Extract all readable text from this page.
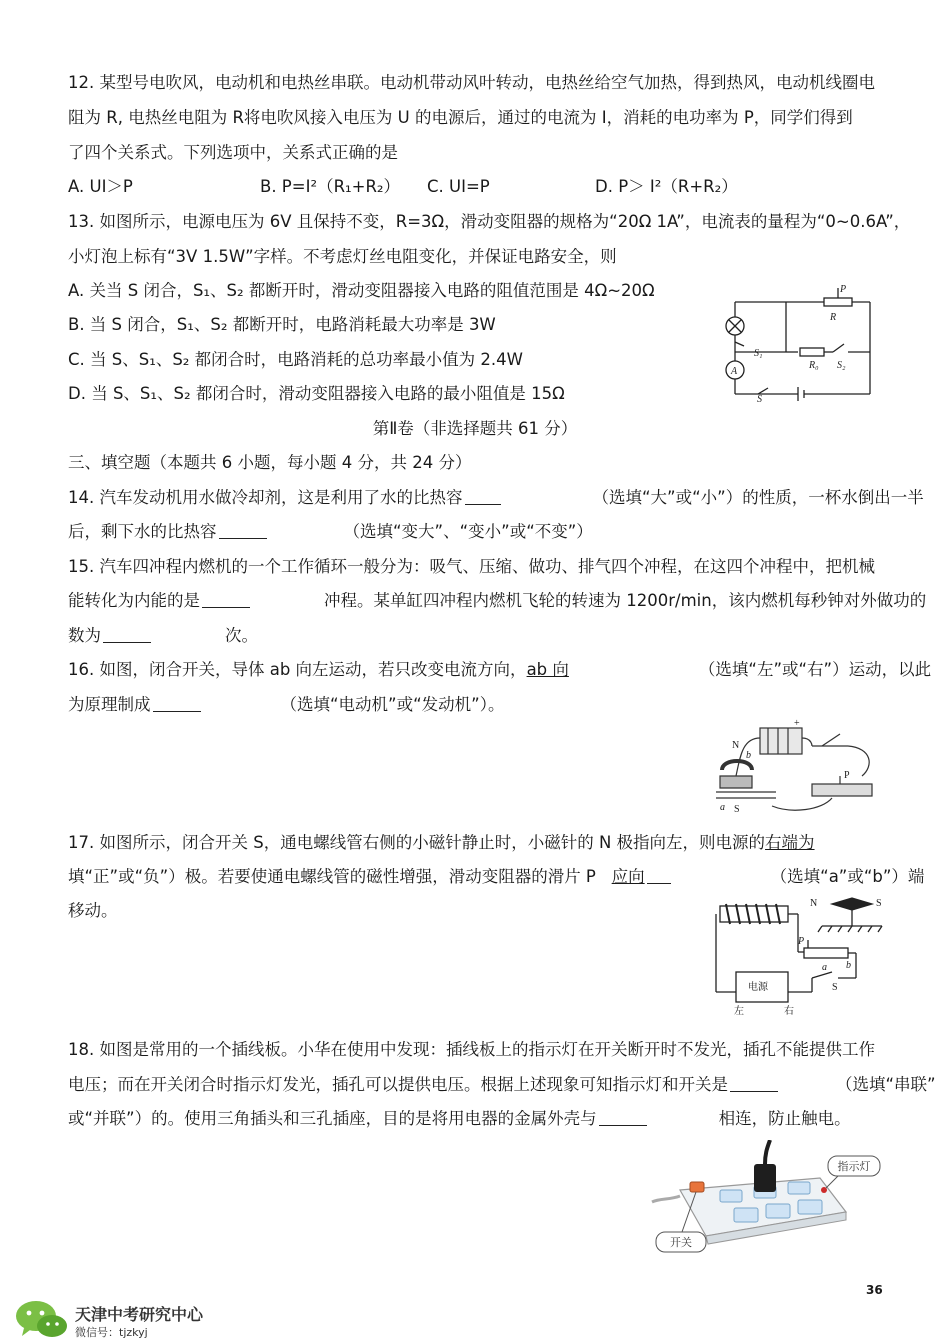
12. 某型号电吹风，电动机和电热丝串联。电动机带动风叶转动，电热丝给空气加热，得到热风，电动机线圈电
阻为 R, 电热丝电阻为 R将电吹风接入电压为 U 的电源后，通过的电流为 I，消耗的电功率为 P，同学们得到
了四个关系式。下列选项中，关系式正确的是
A. UI＞P	B. P=I²（R₁+R₂） C. UI=P	D. P＞ I²（R+R₂）
13. 如图所示，电源电压为 6V 且保持不变，R=3Ω，滑动变阻器的规格为“20Ω 1A”，电流表的量程为“0~0.6A”，
小灯泡上标有“3V 1.5W”字样。不考虑灯丝电阻变化，并保证电路安全，则
A. 关当 S 闭合，S₁、S₂ 都断开时，滑动变阻器接入电路的阻值范围是 4Ω~20Ω
B. 当 S 闭合，S₁、S₂ 都断开时，电路消耗最大功率是 3W
C. 当 S、S₁、S₂ 都闭合时，电路消耗的总功率最小值为 2.4W
D. 当 S、S₁、S₂ 都闭合时，滑动变阻器接入电路的最小阻值是 15Ω
P
R
S₁
R₀ S₂
A
S
第Ⅱ卷（非选择题共 61 分）
三、填空题（本题共 6 小题，每小题 4 分，共 24 分）
14. 汽车发动机用水做冷却剂，这是利用了水的比热容	（选填“大”或“小”）的性质，一杯水倒出一半
后，剩下水的比热容	（选填“变大”、“变小”或“不变”）
15. 汽车四冲程内燃机的一个工作循环一般分为：吸气、压缩、做功、排气四个冲程，在这四个冲程中，把机械
能转化为内能的是	冲程。某单缸四冲程内燃机飞轮的转速为 1200r/min，该内燃机每秒钟对外做功的
数为	次。
16. 如图，闭合开关，导体 ab 向左运动，若只改变电流方向，ab 向	（选填“左”或“右”）运动，以此
为原理制成	（选填“电动机”或“发动机”）。
+
N
b
P
a S
17. 如图所示，闭合开关 S，通电螺线管右侧的小磁针静止时，小磁针的 N 极指向左，则电源的右端为
填“正”或“负”）极。若要使通电螺线管的磁性增强，滑动变阻器的滑片 P 应向	（选填“a”或“b”）端
移动。	N	S
P
a b
S
电源
左	右
18. 如图是常用的一个插线板。小华在使用中发现：插线板上的指示灯在开关断开时不发光，插孔不能提供工作
电压；而在开关闭合时指示灯发光，插孔可以提供电压。根据上述现象可知指示灯和开关是	（选填“串联”
或“并联”）的。使用三角插头和三孔插座，目的是将用电器的金属外壳与	相连，防止触电。
指示灯
开关
36
天津中考研究中心
微信号：tjzkyj
